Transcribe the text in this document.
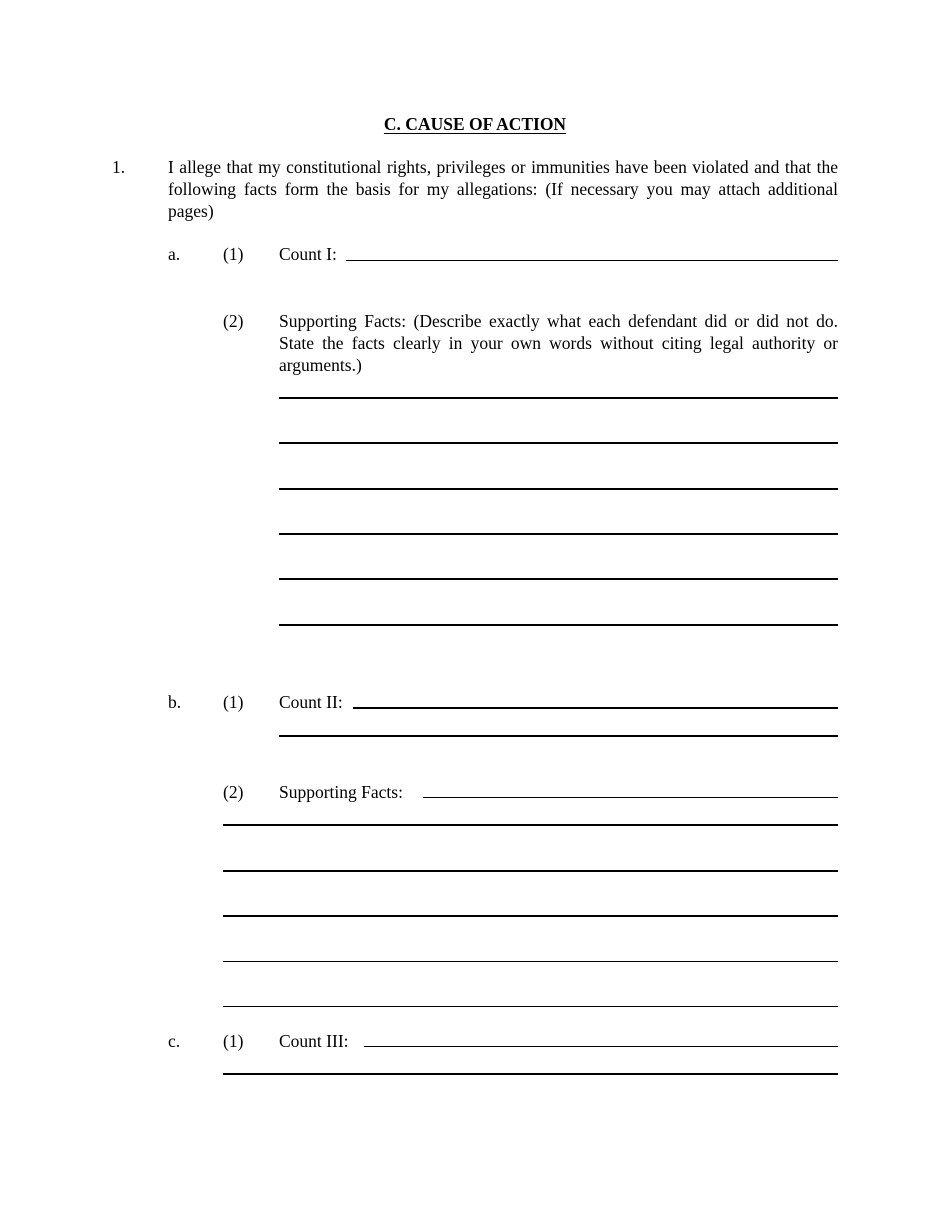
C. CAUSE OF ACTION
1. I allege that my constitutional rights, privileges or immunities have been violated and that the following facts form the basis for my allegations: (If necessary you may attach additional pages)
a. (1) Count I:
(2) Supporting Facts: (Describe exactly what each defendant did or did not do. State the facts clearly in your own words without citing legal authority or arguments.)
b. (1) Count II:
(2) Supporting Facts:
c. (1) Count III:
